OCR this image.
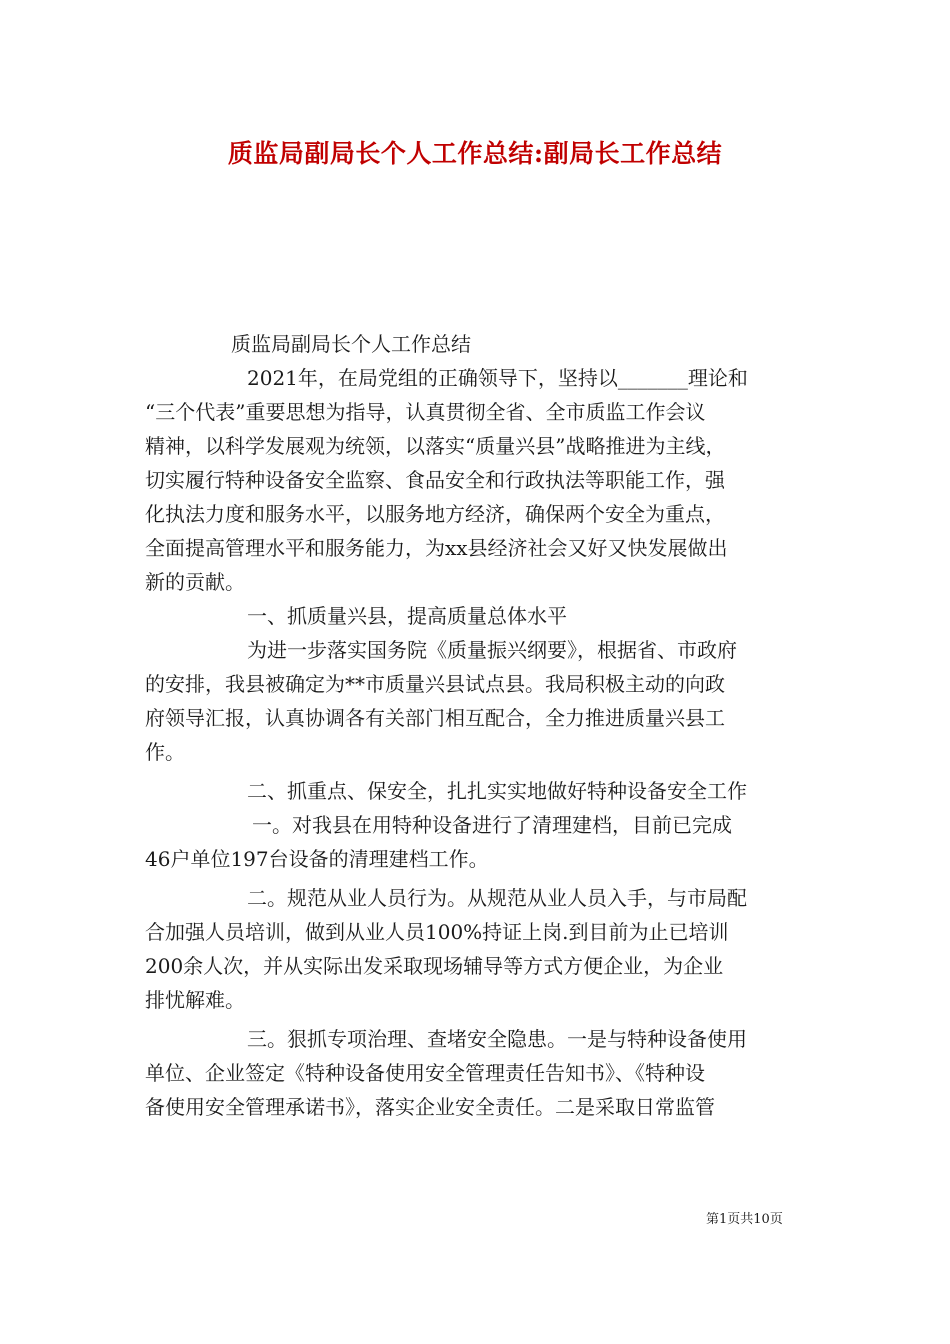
质监局副局长个人工作总结:副局长工作总结
质监局副局长个人工作总结
2021年，在局党组的正确领导下，坚持以_______理论和
“三个代表”重要思想为指导，认真贯彻全省、全市质监工作会议
精神，以科学发展观为统领，以落实“质量兴县”战略推进为主线，
切实履行特种设备安全监察、食品安全和行政执法等职能工作，强
化执法力度和服务水平，以服务地方经济，确保两个安全为重点，
全面提高管理水平和服务能力，为xx县经济社会又好又快发展做出
新的贡献。
一、抓质量兴县，提高质量总体水平
为进一步落实国务院《质量振兴纲要》，根据省、市政府
的安排，我县被确定为**市质量兴县试点县。我局积极主动的向政
府领导汇报，认真协调各有关部门相互配合，全力推进质量兴县工
作。
二、抓重点、保安全，扎扎实实地做好特种设备安全工作
一。对我县在用特种设备进行了清理建档，目前已完成
46户单位197台设备的清理建档工作。
二。规范从业人员行为。从规范从业人员入手，与市局配
合加强人员培训，做到从业人员100%持证上岗.到目前为止已培训
200余人次，并从实际出发采取现场辅导等方式方便企业，为企业
排忧解难。
三。狠抓专项治理、查堵安全隐患。一是与特种设备使用
单位、企业签定《特种设备使用安全管理责任告知书》、《特种设
备使用安全管理承诺书》，落实企业安全责任。二是采取日常监管
第1页共10页
